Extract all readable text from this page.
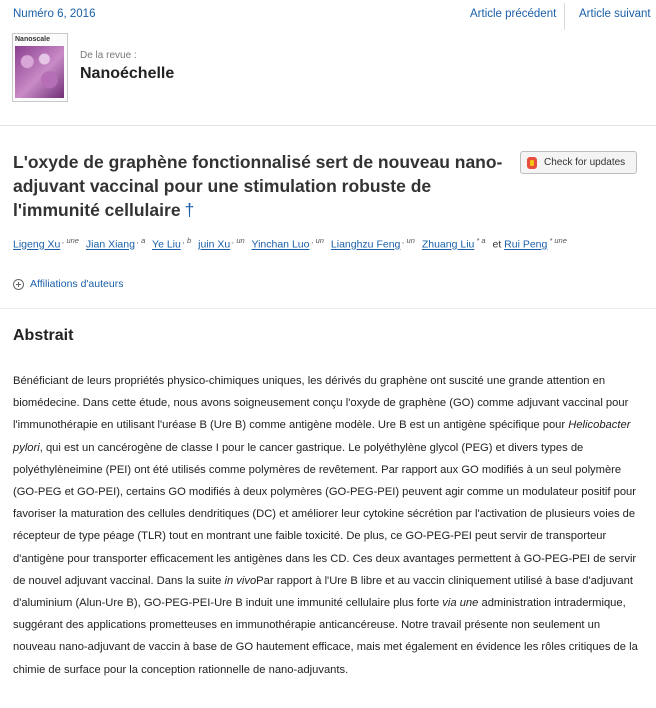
Numéro 6, 2016	Article précédent Article suivant
Nanoscale
De la revue :
Nanoéchelle
L'oxyde de graphène fonctionnalisé sert de nouveau nano-adjuvant vaccinal pour une stimulation robuste de l'immunité cellulaire †
Check for updates
Ligeng Xu $^{, une}$ Jian Xiang $^{, a}$ Ye Liu $^{, b}$ juin Xu $^{, un}$ Yinchan Luo $^{, un}$ Lianghzu Feng $^{, un}$ Zhuang Liu $^{* a}$ et Rui Peng $^{* une}$
Affiliations d'auteurs
Abstrait
Bénéficiant de leurs propriétés physico-chimiques uniques, les dérivés du graphène ont suscité une grande attention en biomédecine. Dans cette étude, nous avons soigneusement conçu l'oxyde de graphène (GO) comme adjuvant vaccinal pour l'immunothérapie en utilisant l'uréase B (Ure B) comme antigène modèle. Ure B est un antigène spécifique pour Helicobacter pylori, qui est un cancérogène de classe I pour le cancer gastrique. Le polyéthylène glycol (PEG) et divers types de polyéthylèneimine (PEI) ont été utilisés comme polymères de revêtement. Par rapport aux GO modifiés à un seul polymère (GO-PEG et GO-PEI), certains GO modifiés à deux polymères (GO-PEG-PEI) peuvent agir comme un modulateur positif pour favoriser la maturation des cellules dendritiques (DC) et améliorer leur cytokine sécrétion par l'activation de plusieurs voies de récepteur de type péage (TLR) tout en montrant une faible toxicité. De plus, ce GO-PEG-PEI peut servir de transporteur d'antigène pour transporter efficacement les antigènes dans les CD. Ces deux avantages permettent à GO-PEG-PEI de servir de nouvel adjuvant vaccinal. Dans la suite in vivoPar rapport à l'Ure B libre et au vaccin cliniquement utilisé à base d'adjuvant d'aluminium (Alun-Ure B), GO-PEG-PEI-Ure B induit une immunité cellulaire plus forte via une administration intradermique, suggérant des applications prometteuses en immunothérapie anticancéreuse. Notre travail présente non seulement un nouveau nano-adjuvant de vaccin à base de GO hautement efficace, mais met également en évidence les rôles critiques de la chimie de surface pour la conception rationnelle de nano-adjuvants.
